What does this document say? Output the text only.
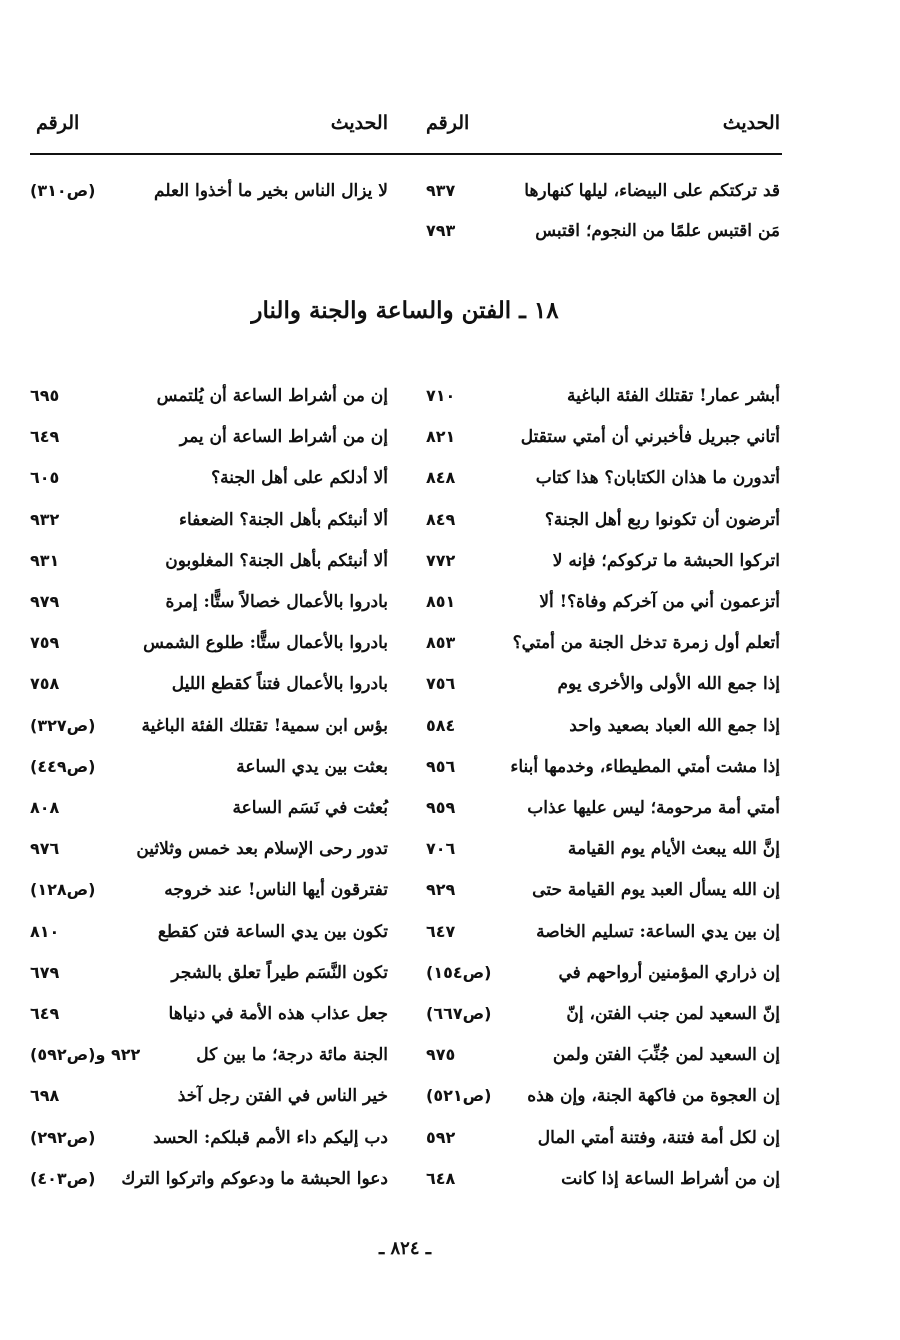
الحديث
الرقم
الحديث
الرقم
قد تركتكم على البيضاء، ليلها كنهارها
٩٣٧
لا يزال الناس بخير ما أخذوا العلم
(ص٣١٠)
مَن اقتبس علمًا من النجوم؛ اقتبس
٧٩٣
١٨ ـ الفتن والساعة والجنة والنار
أبشر عمار! تقتلك الفئة الباغية
٧١٠
إن من أشراط الساعة أن يُلتمس
٦٩٥
أتاني جبريل فأخبرني أن أمتي ستقتل
٨٢١
إن من أشراط الساعة أن يمر
٦٤٩
أتدورن ما هذان الكتابان؟ هذا كتاب
٨٤٨
ألا أدلكم على أهل الجنة؟
٦٠٥
أترضون أن تكونوا ربع أهل الجنة؟
٨٤٩
ألا أنبئكم بأهل الجنة؟ الضعفاء
٩٣٢
اتركوا الحبشة ما تركوكم؛ فإنه لا
٧٧٢
ألا أنبئكم بأهل الجنة؟ المغلوبون
٩٣١
أتزعمون أني من آخركم وفاة؟! ألا
٨٥١
بادروا بالأعمال خصالاً ستًّا: إمرة
٩٧٩
أتعلم أول زمرة تدخل الجنة من أمتي؟
٨٥٣
بادروا بالأعمال ستًّا: طلوع الشمس
٧٥٩
إذا جمع الله الأولى والأخرى يوم
٧٥٦
بادروا بالأعمال فتناً كقطع الليل
٧٥٨
إذا جمع الله العباد بصعيد واحد
٥٨٤
بؤس ابن سمية! تقتلك الفئة الباغية
(ص٣٢٧)
إذا مشت أمتي المطيطاء، وخدمها أبناء
٩٥٦
بعثت بين يدي الساعة
(ص٤٤٩)
أمتي أمة مرحومة؛ ليس عليها عذاب
٩٥٩
بُعثت في نَسَم الساعة
٨٠٨
إنَّ الله يبعث الأيام يوم القيامة
٧٠٦
تدور رحى الإسلام بعد خمس وثلاثين
٩٧٦
إن الله يسأل العبد يوم القيامة حتى
٩٢٩
تفترقون أيها الناس! عند خروجه
(ص١٢٨)
إن بين يدي الساعة: تسليم الخاصة
٦٤٧
تكون بين يدي الساعة فتن كقطع
٨١٠
إن ذراري المؤمنين أرواحهم في
(ص١٥٤)
تكون النَّسَم طيراً تعلق بالشجر
٦٧٩
إنّ السعيد لمن جنب الفتن، إنّ
(ص٦٦٧)
جعل عذاب هذه الأمة في دنياها
٦٤٩
إن السعيد لمن جُنِّبَ الفتن ولمن
٩٧٥
الجنة مائة درجة؛ ما بين كل
٩٢٢ و(ص٥٩٢)
إن العجوة من فاكهة الجنة، وإن هذه
(ص٥٢١)
خير الناس في الفتن رجل آخذ
٦٩٨
إن لكل أمة فتنة، وفتنة أمتي المال
٥٩٢
دب إليكم داء الأمم قبلكم: الحسد
(ص٢٩٢)
إن من أشراط الساعة إذا كانت
٦٤٨
دعوا الحبشة ما ودعوكم واتركوا الترك
(ص٤٠٣)
ـ ٨٢٤ ـ
